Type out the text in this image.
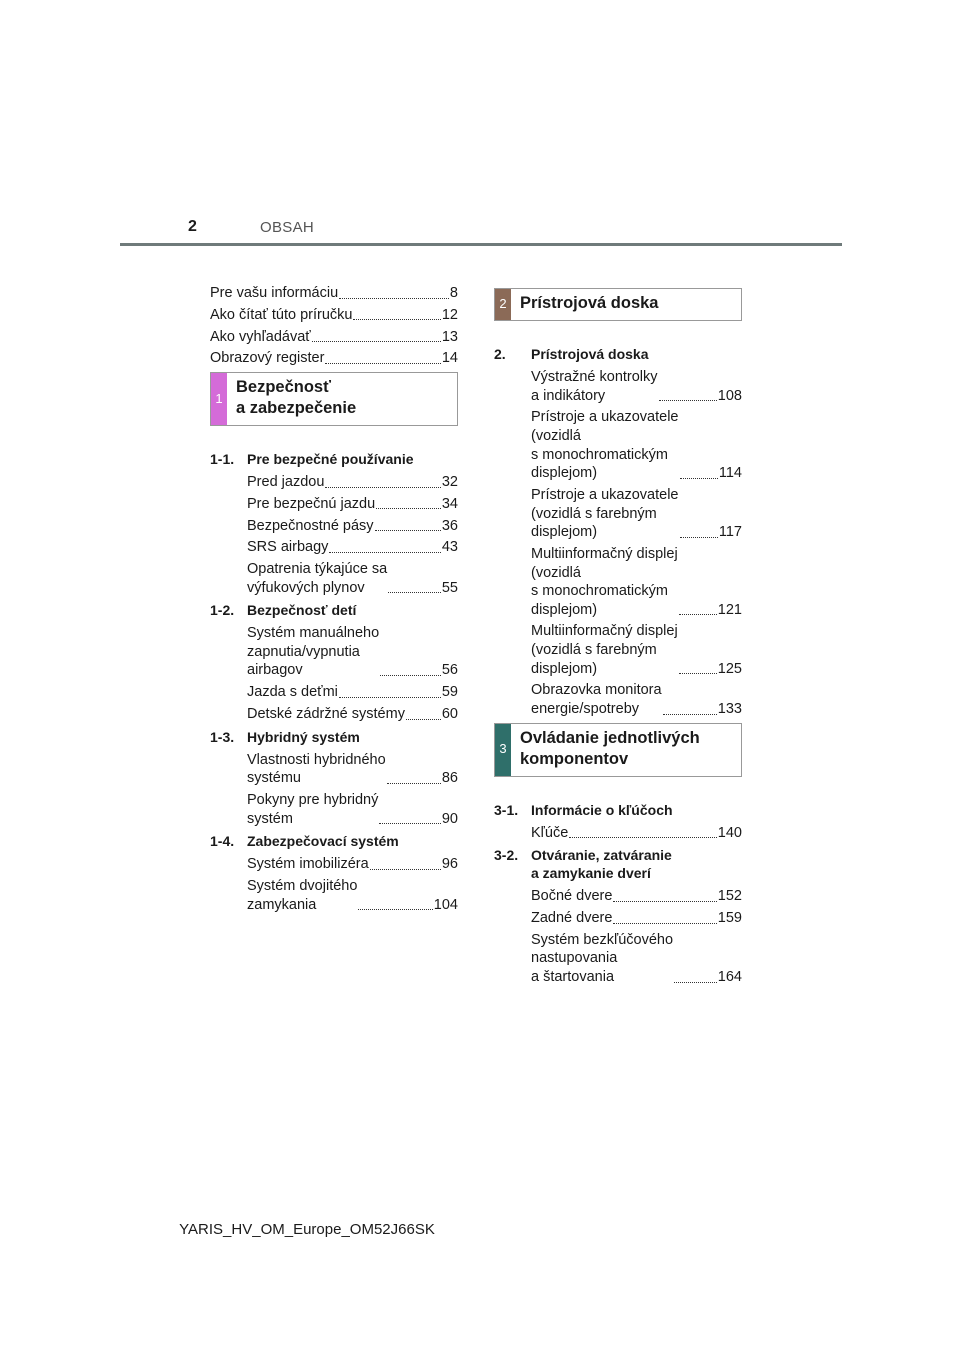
2	OBSAH
Pre vašu informáciu	8
Ako čítať túto príručku	12
Ako vyhľadávať	13
Obrazový register	14
1
Bezpečnosť
a zabezpečenie
1-1. Pre bezpečné používanie
Pred jazdou	32
Pre bezpečnú jazdu	34
Bezpečnostné pásy	36
SRS airbagy	43
Opatrenia týkajúce sa
výfukových plynov	55
1-2. Bezpečnosť detí
Systém manuálneho
zapnutia/vypnutia
airbagov	56
Jazda s deťmi	59
Detské zádržné systémy	60
1-3. Hybridný systém
Vlastnosti hybridného
systému	86
Pokyny pre hybridný
systém	90
1-4. Zabezpečovací systém
Systém imobilizéra	96
Systém dvojitého
zamykania	104
2 Prístrojová doska
2.	Prístrojová doska
Výstražné kontrolky
a indikátory	108
Prístroje a ukazovatele
(vozidlá
s monochromatickým
displejom)	114
Prístroje a ukazovatele
(vozidlá s farebným
displejom)	117
Multiinformačný displej
(vozidlá
s monochromatickým
displejom)	121
Multiinformačný displej
(vozidlá s farebným
displejom)	125
Obrazovka monitora
energie/spotreby	133
3
Ovládanie jednotlivých
komponentov
3-1. Informácie o kľúčoch
Kľúče	140
3-2. Otváranie, zatváranie
a zamykanie dverí
Bočné dvere	152
Zadné dvere	159
Systém bezkľúčového
nastupovania
a štartovania	164
YARIS_HV_OM_Europe_OM52J66SK
